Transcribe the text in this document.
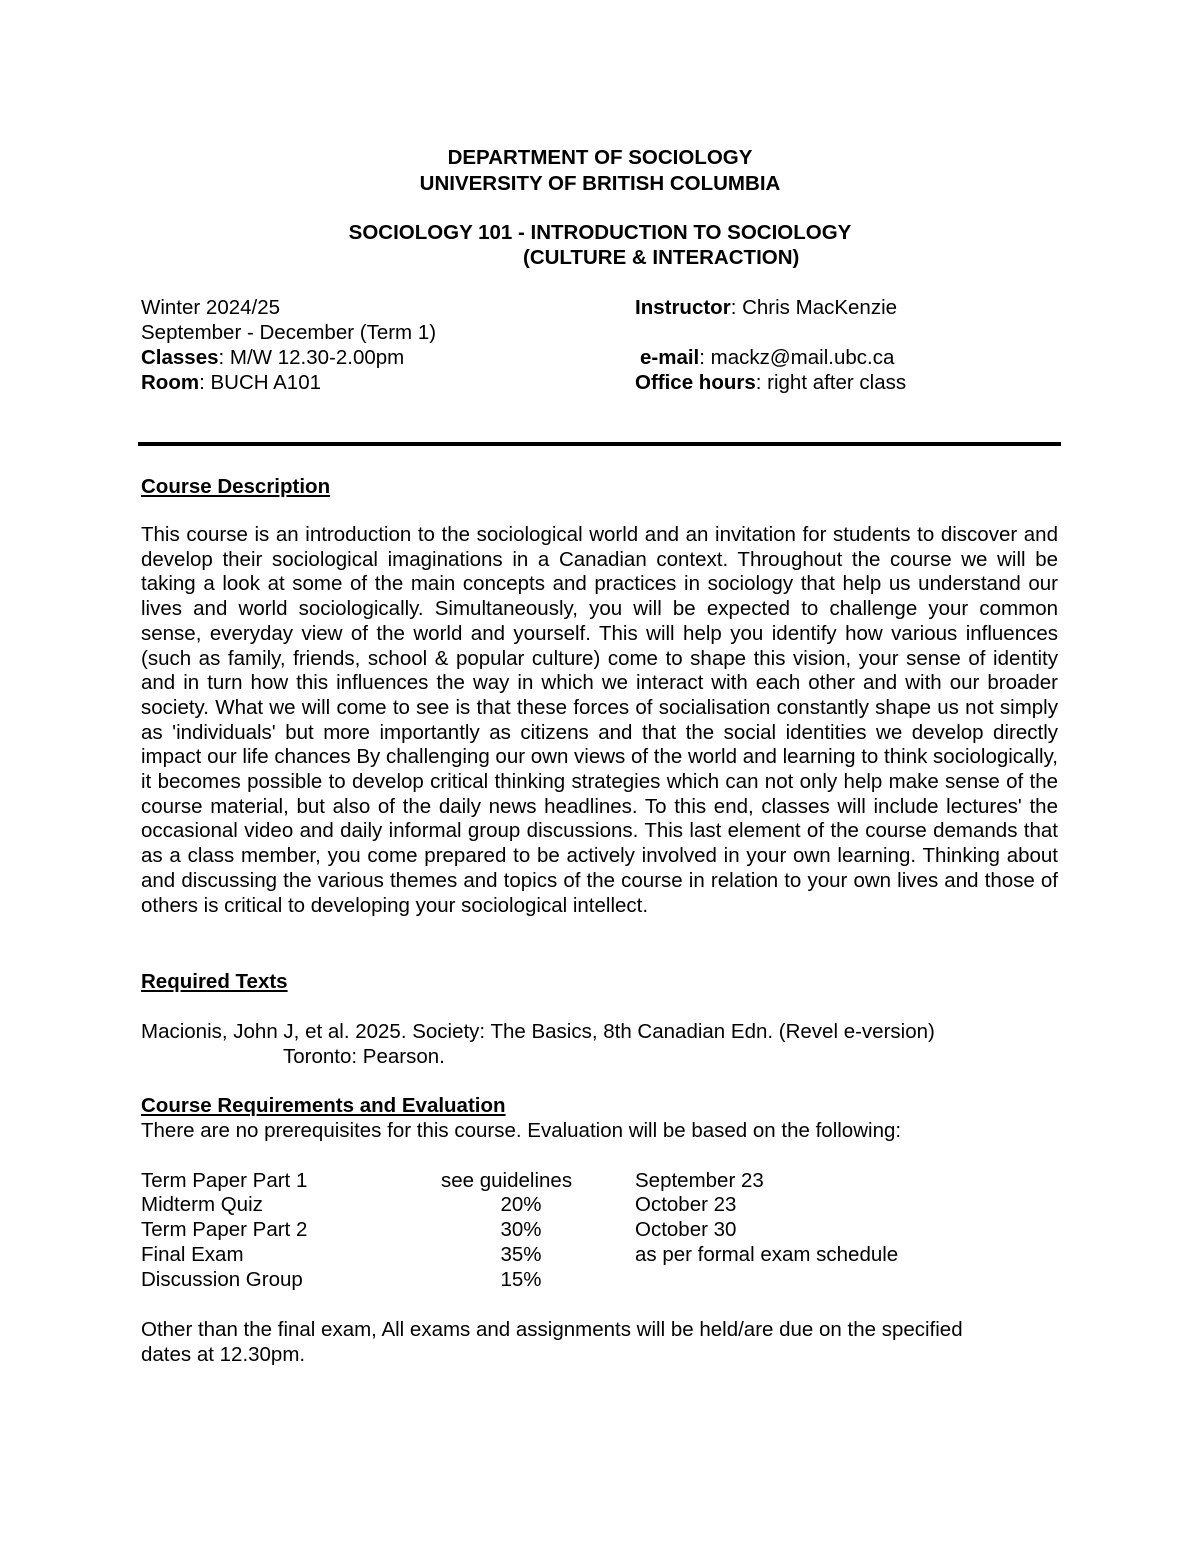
DEPARTMENT OF SOCIOLOGY
UNIVERSITY OF BRITISH COLUMBIA
SOCIOLOGY 101 - INTRODUCTION TO SOCIOLOGY
(CULTURE & INTERACTION)
Winter 2024/25
September - December (Term 1)
Classes: M/W 12.30-2.00pm
Room: BUCH A101
Instructor: Chris MacKenzie
e-mail: mackz@mail.ubc.ca
Office hours: right after class
Course Description
This course is an introduction to the sociological world and an invitation for students to discover and develop their sociological imaginations in a Canadian context. Throughout the course we will be taking a look at some of the main concepts and practices in sociology that help us understand our lives and world sociologically. Simultaneously, you will be expected to challenge your common sense, everyday view of the world and yourself. This will help you identify how various influences (such as family, friends, school & popular culture) come to shape this vision, your sense of identity and in turn how this influences the way in which we interact with each other and with our broader society. What we will come to see is that these forces of socialisation constantly shape us not simply as 'individuals' but more importantly as citizens and that the social identities we develop directly impact our life chances By challenging our own views of the world and learning to think sociologically, it becomes possible to develop critical thinking strategies which can not only help make sense of the course material, but also of the daily news headlines. To this end, classes will include lectures' the occasional video and daily informal group discussions. This last element of the course demands that as a class member, you come prepared to be actively involved in your own learning. Thinking about and discussing the various themes and topics of the course in relation to your own lives and those of others is critical to developing your sociological intellect.
Required Texts
Macionis, John J, et al. 2025. Society: The Basics, 8th Canadian Edn. (Revel e-version)
Toronto: Pearson.
Course Requirements and Evaluation
There are no prerequisites for this course. Evaluation will be based on the following:
Term Paper Part 1	see guidelines	September 23
Midterm Quiz	20%	October 23
Term Paper Part 2	30%	October 30
Final Exam	35%	as per formal exam schedule
Discussion Group	15%
Other than the final exam, All exams and assignments will be held/are due on the specified
dates at 12.30pm.
